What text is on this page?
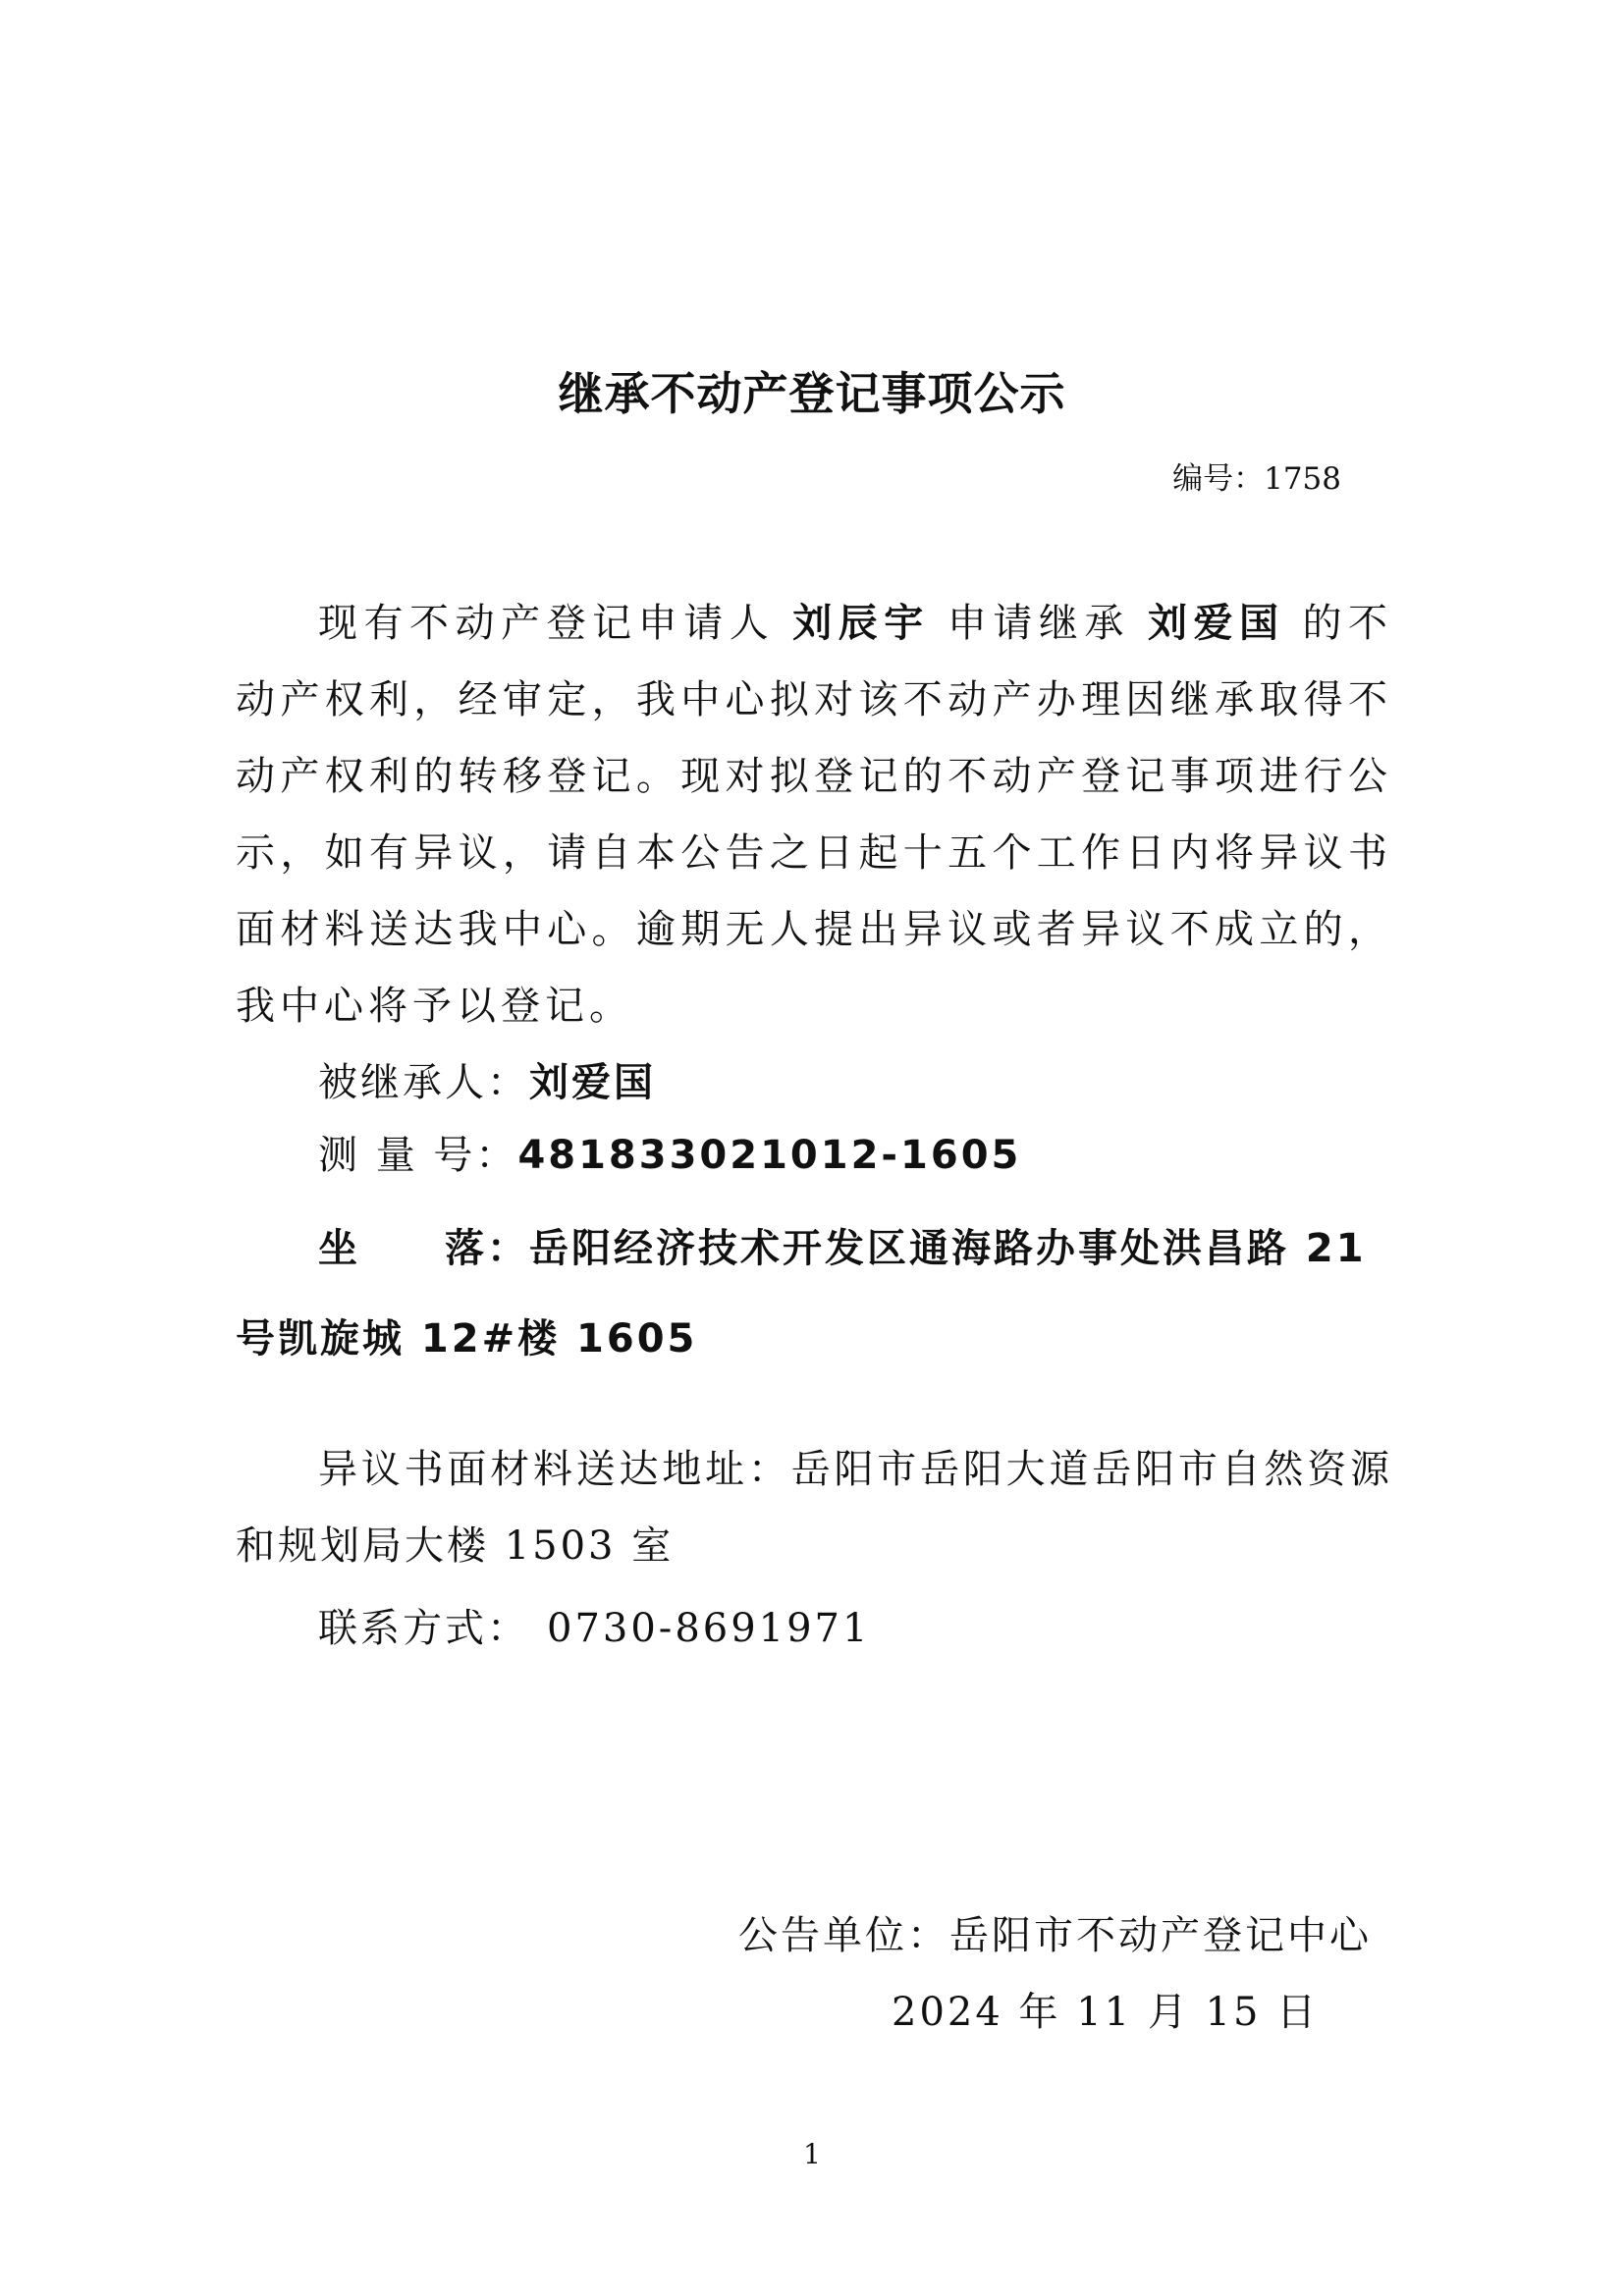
继承不动产登记事项公示
编号：1758
现有不动产登记申请人 刘辰宇 申请继承 刘爱国 的不动产权利，经审定，我中心拟对该不动产办理因继承取得不动产权利的转移登记。现对拟登记的不动产登记事项进行公示，如有异议，请自本公告之日起十五个工作日内将异议书面材料送达我中心。逾期无人提出异议或者异议不成立的，我中心将予以登记。
被继承人：刘爱国
测 量 号：481833021012-1605
坐　　落：岳阳经济技术开发区通海路办事处洪昌路 21 号凯旋城 12#楼 1605
异议书面材料送达地址：岳阳市岳阳大道岳阳市自然资源和规划局大楼 1503 室
联系方式： 0730-8691971
公告单位：岳阳市不动产登记中心
2024 年 11 月 15 日
1
